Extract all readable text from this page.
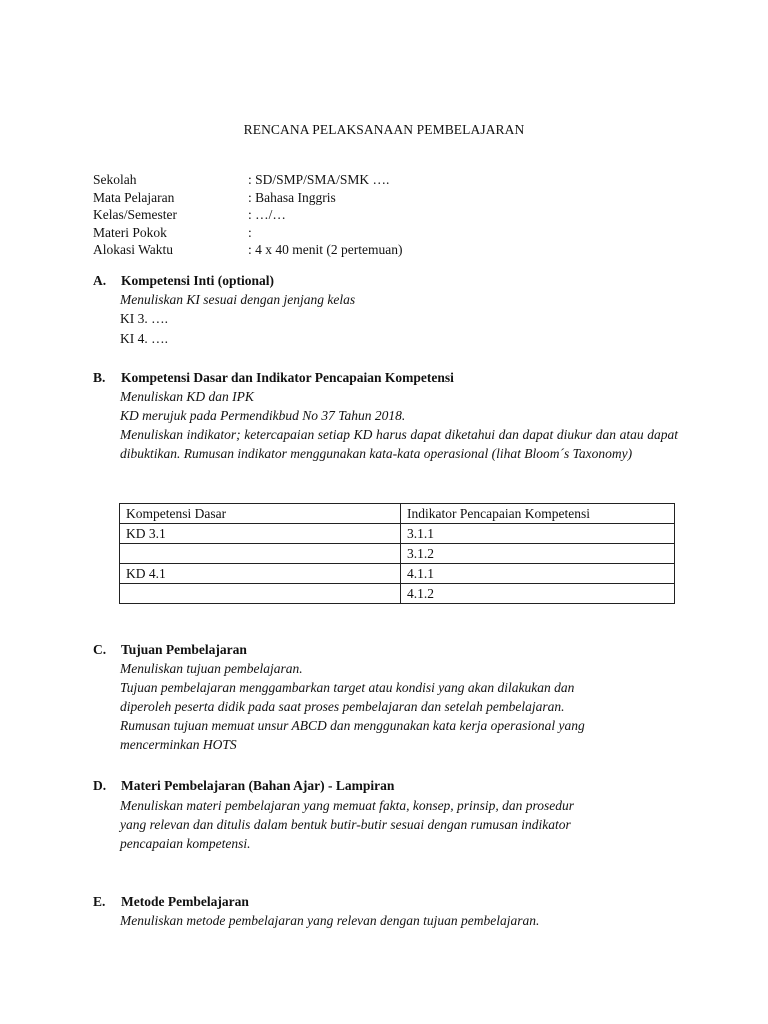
RENCANA PELAKSANAAN PEMBELAJARAN
Sekolah	: SD/SMP/SMA/SMK ….
Mata Pelajaran	: Bahasa Inggris
Kelas/Semester	: …/…
Materi Pokok	:
Alokasi Waktu	: 4 x 40 menit (2 pertemuan)
A. Kompetensi Inti (optional)
Menuliskan KI sesuai dengan jenjang kelas
KI 3. ….
KI 4. ….
B. Kompetensi Dasar dan Indikator Pencapaian Kompetensi
Menuliskan KD dan IPK
KD merujuk pada Permendikbud No 37 Tahun 2018.
Menuliskan indikator; ketercapaian setiap KD harus dapat diketahui dan dapat diukur dan atau dapat dibuktikan. Rumusan indikator menggunakan kata-kata operasional (lihat Bloom´s Taxonomy)
Kompetensi Dasar	Indikator Pencapaian Kompetensi
KD 3.1	3.1.1
	3.1.2
KD 4.1	4.1.1
	4.1.2
C. Tujuan Pembelajaran
Menuliskan tujuan pembelajaran.
Tujuan pembelajaran menggambarkan target atau kondisi yang akan dilakukan dan
diperoleh peserta didik pada saat proses pembelajaran dan setelah pembelajaran.
Rumusan tujuan memuat unsur ABCD dan menggunakan kata kerja operasional yang
mencerminkan HOTS
D. Materi Pembelajaran (Bahan Ajar) - Lampiran
Menuliskan materi pembelajaran yang memuat fakta, konsep, prinsip, dan prosedur
yang relevan dan ditulis dalam bentuk butir-butir sesuai dengan rumusan indikator
pencapaian kompetensi.
E. Metode Pembelajaran
Menuliskan metode pembelajaran yang relevan dengan tujuan pembelajaran.
